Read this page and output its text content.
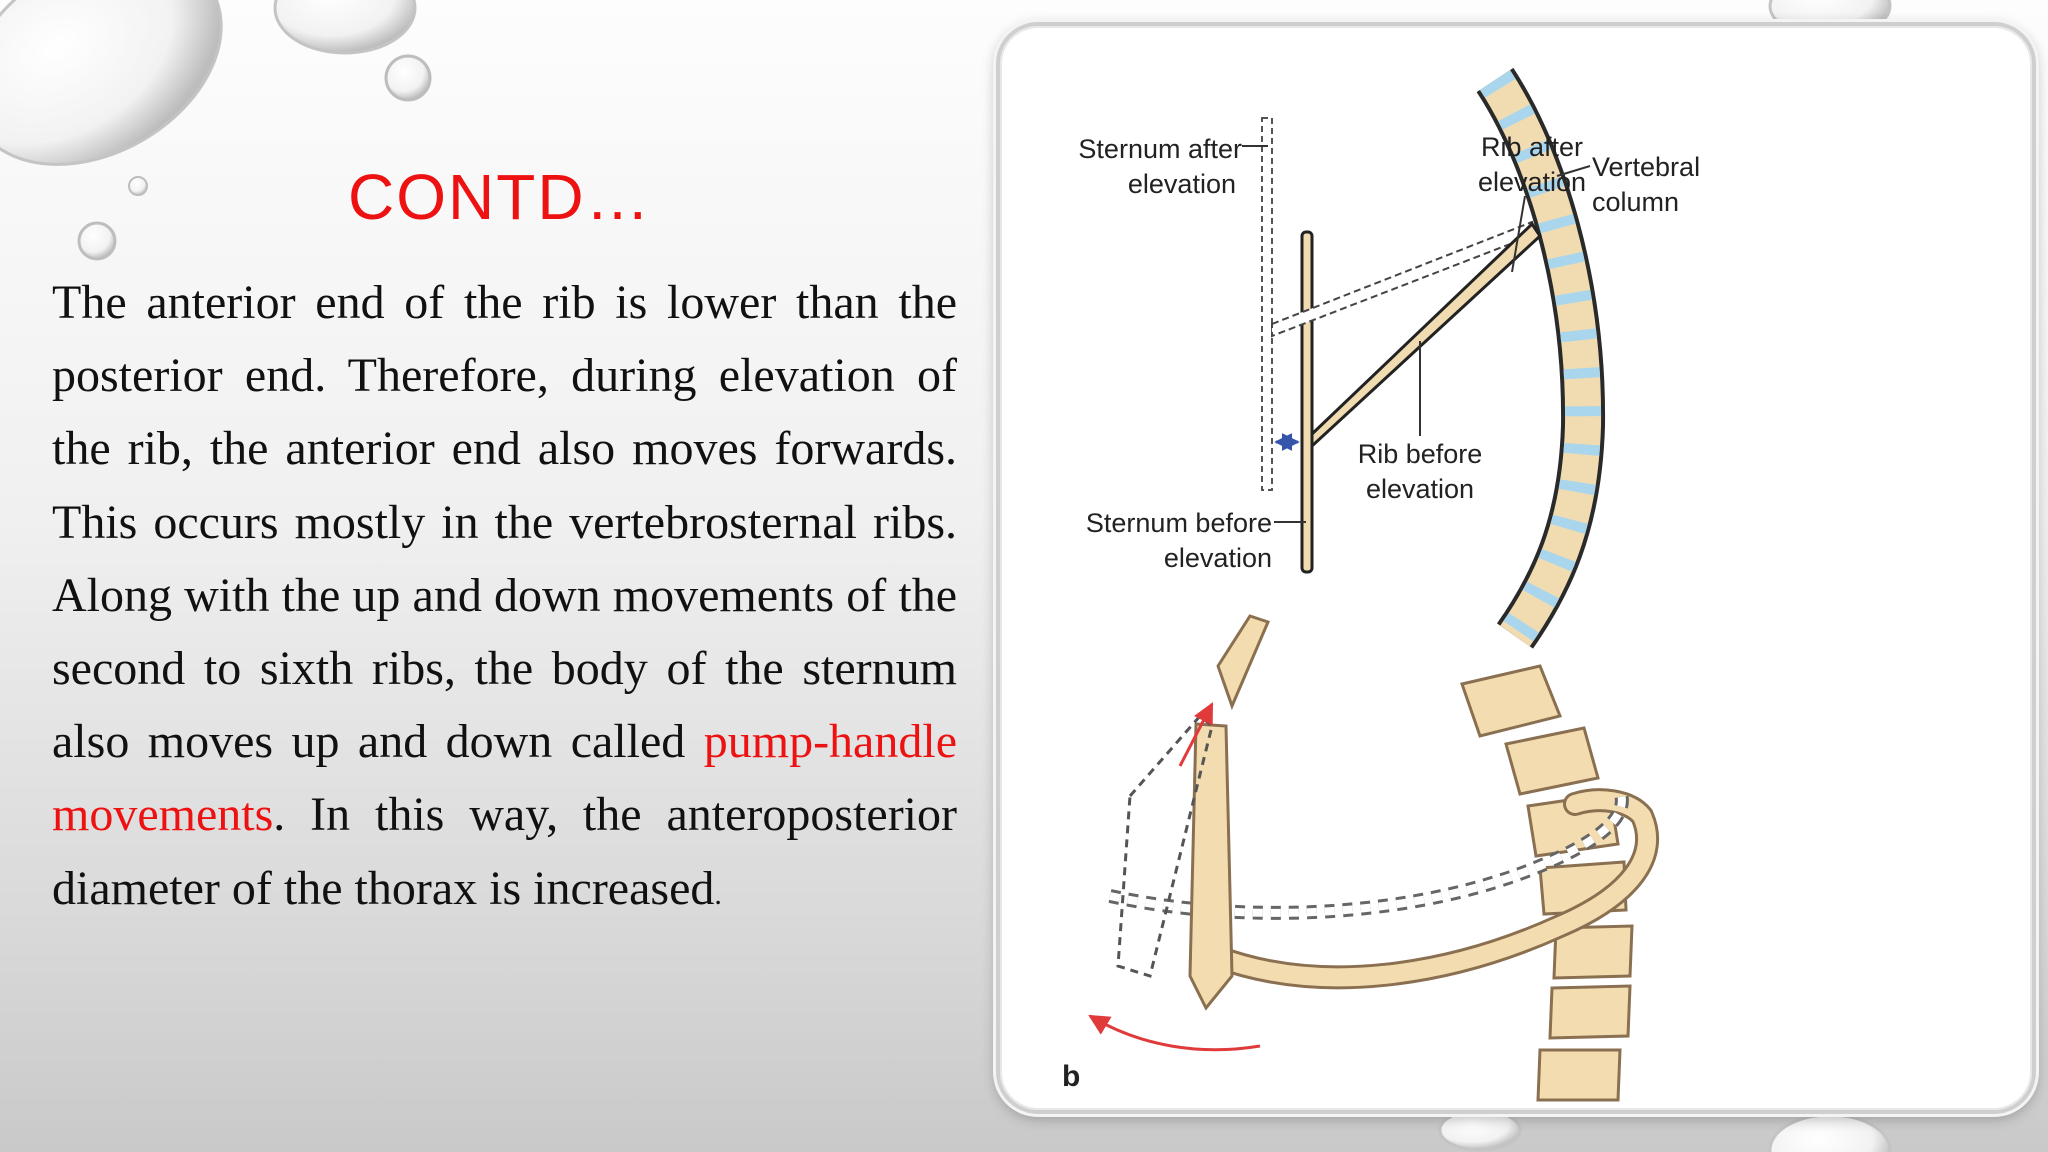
CONTD…

The anterior end of the rib is lower than the posterior end. Therefore, during elevation of the rib, the anterior end also moves forwards. This occurs mostly in the vertebrosternal ribs. Along with the up and down movements of the second to sixth ribs, the body of the sternum also moves up and down called pump-handle movements. In this way, the anteroposterior diameter of the thorax is increased.

Sternum after
elevation
Rib after
elevation Vertebral
column
Rib before
elevation
Sternum before
elevation
b
